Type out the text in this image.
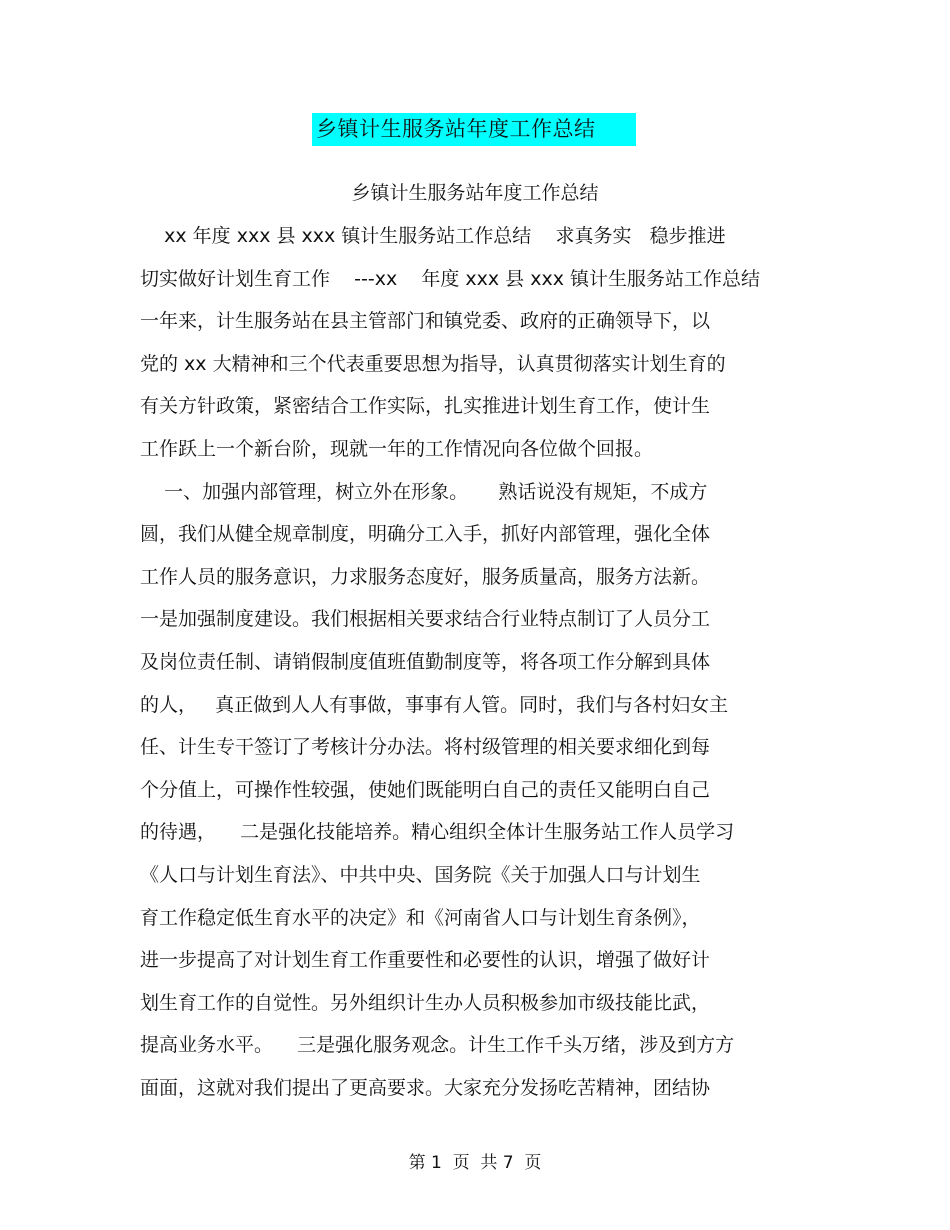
乡镇计生服务站年度工作总结
乡镇计生服务站年度工作总结
xx 年度 xxx 县 xxx 镇计生服务站工作总结    求真务实   稳步推进
切实做好计划生育工作    ---xx    年度 xxx 县 xxx 镇计生服务站工作总结
一年来，计生服务站在县主管部门和镇党委、政府的正确领导下，以
党的 xx 大精神和三个代表重要思想为指导，认真贯彻落实计划生育的
有关方针政策，紧密结合工作实际，扎实推进计划生育工作，使计生
工作跃上一个新台阶，现就一年的工作情况向各位做个回报。
一、加强内部管理，树立外在形象。     熟话说没有规矩，不成方
圆，我们从健全规章制度，明确分工入手，抓好内部管理，强化全体
工作人员的服务意识，力求服务态度好，服务质量高，服务方法新。
一是加强制度建设。我们根据相关要求结合行业特点制订了人员分工
及岗位责任制、请销假制度值班值勤制度等，将各项工作分解到具体
的人，   真正做到人人有事做，事事有人管。同时，我们与各村妇女主
任、计生专干签订了考核计分办法。将村级管理的相关要求细化到每
个分值上，可操作性较强，使她们既能明白自己的责任又能明白自己
的待遇，    二是强化技能培养。精心组织全体计生服务站工作人员学习
《人口与计划生育法》、中共中央、国务院《关于加强人口与计划生
育工作稳定低生育水平的决定》和《河南省人口与计划生育条例》，
进一步提高了对计划生育工作重要性和必要性的认识，增强了做好计
划生育工作的自觉性。另外组织计生办人员积极参加市级技能比武，
提高业务水平。    三是强化服务观念。计生工作千头万绪，涉及到方方
面面，这就对我们提出了更高要求。大家充分发扬吃苦精神，团结协
第 1  页  共 7  页
